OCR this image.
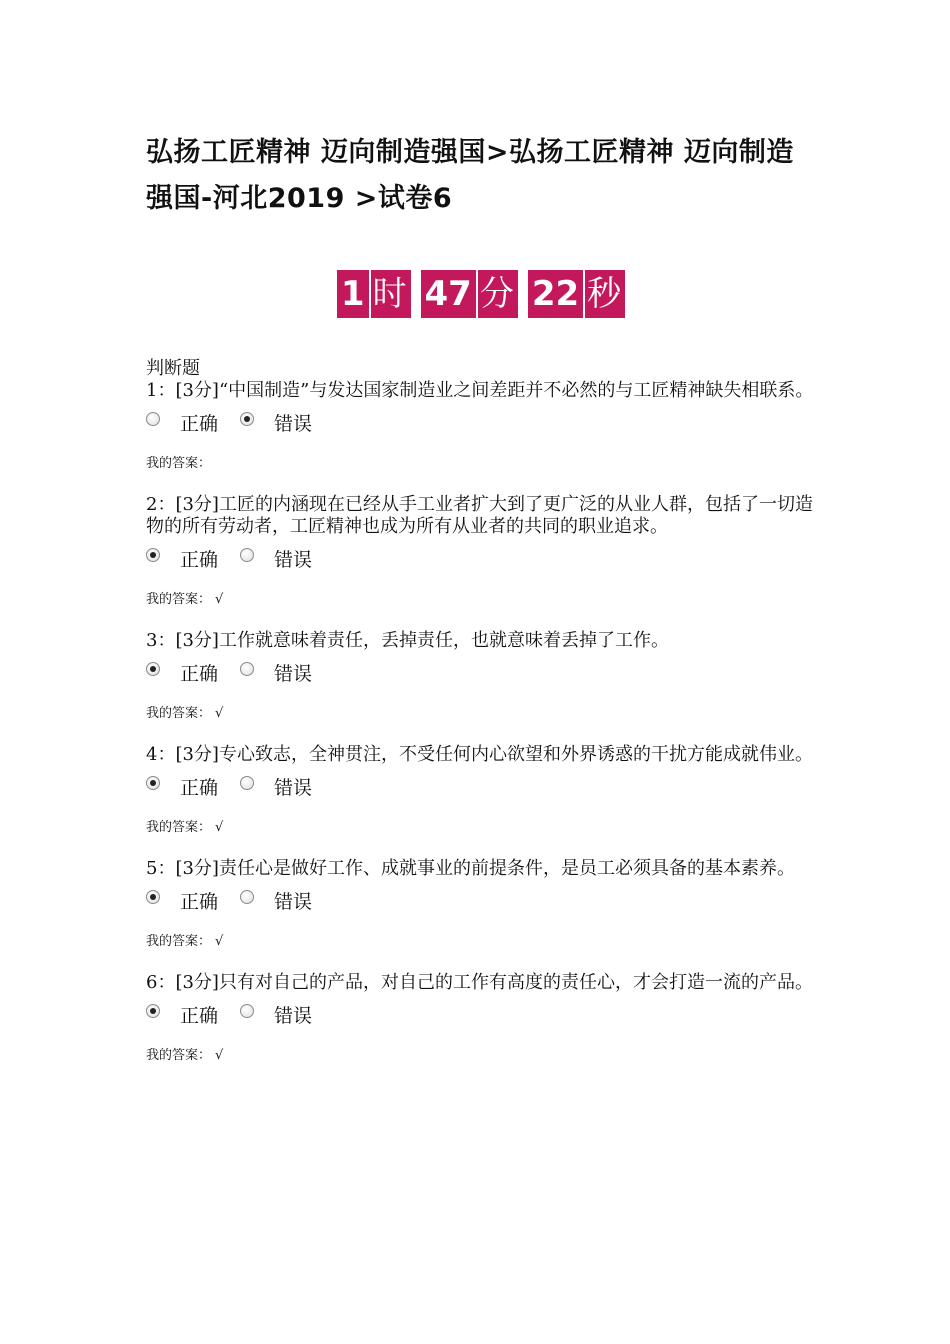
弘扬工匠精神 迈向制造强国>弘扬工匠精神 迈向制造强国-河北2019 >试卷6
1 时 47 分 22 秒
判断题

1：[3分]“中国制造”与发达国家制造业之间差距并不必然的与工匠精神缺失相联系。

正确	错误
我的答案：

2：[3分]工匠的内涵现在已经从手工业者扩大到了更广泛的从业人群，包括了一切造物的所有劳动者，工匠精神也成为所有从业者的共同的职业追求。

正确	错误
我的答案： √

3：[3分]工作就意味着责任，丢掉责任，也就意味着丢掉了工作。

正确	错误
我的答案： √

4：[3分]专心致志，全神贯注，不受任何内心欲望和外界诱惑的干扰方能成就伟业。

正确	错误
我的答案： √

5：[3分]责任心是做好工作、成就事业的前提条件，是员工必须具备的基本素养。

正确	错误
我的答案： √

6：[3分]只有对自己的产品，对自己的工作有高度的责任心，才会打造一流的产品。

正确	错误
我的答案： √
